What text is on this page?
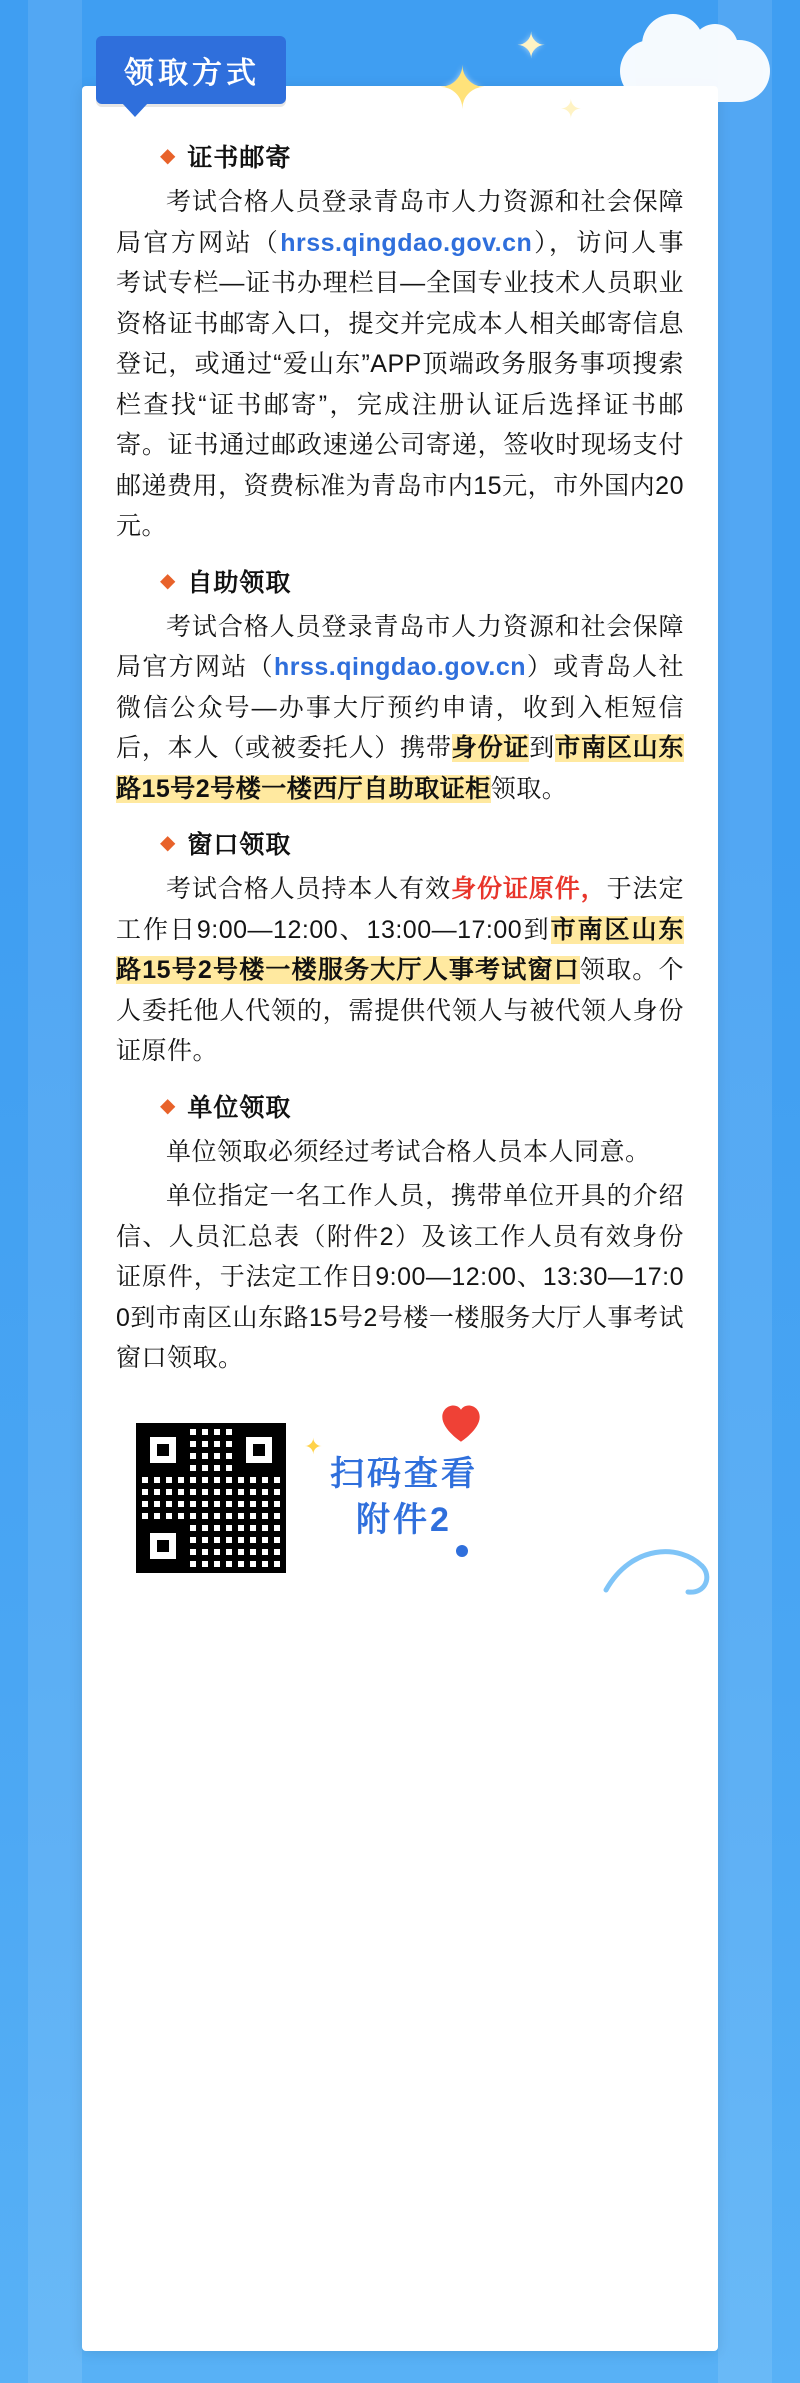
✦
✦
✦
◆ 证书邮寄

考试合格人员登录青岛市人力资源和社会保障局官方网站（hrss.qingdao.gov.cn），访问人事考试专栏—证书办理栏目—全国专业技术人员职业资格证书邮寄入口，提交并完成本人相关邮寄信息登记，或通过“爱山东”APP顶端政务服务事项搜索栏查找“证书邮寄”，完成注册认证后选择证书邮寄。证书通过邮政速递公司寄递，签收时现场支付邮递费用，资费标准为青岛市内15元，市外国内20元。

◆ 自助领取

考试合格人员登录青岛市人力资源和社会保障局官方网站（hrss.qingdao.gov.cn）或青岛人社微信公众号—办事大厅预约申请，收到入柜短信后，本人（或被委托人）携带身份证到市南区山东路15号2号楼一楼西厅自助取证柜领取。

◆ 窗口领取

考试合格人员持本人有效身份证原件，于法定工作日9:00—12:00、13:00—17:00到市南区山东路15号2号楼一楼服务大厅人事考试窗口领取。个人委托他人代领的，需提供代领人与被代领人身份证原件。

◆ 单位领取

单位领取必须经过考试合格人员本人同意。

单位指定一名工作人员，携带单位开具的介绍信、人员汇总表（附件2）及该工作人员有效身份证原件，于法定工作日9:00—12:00、13:30—17:00到市南区山东路15号2号楼一楼服务大厅人事考试窗口领取。

✦
扫码查看
附件2
领取方式
